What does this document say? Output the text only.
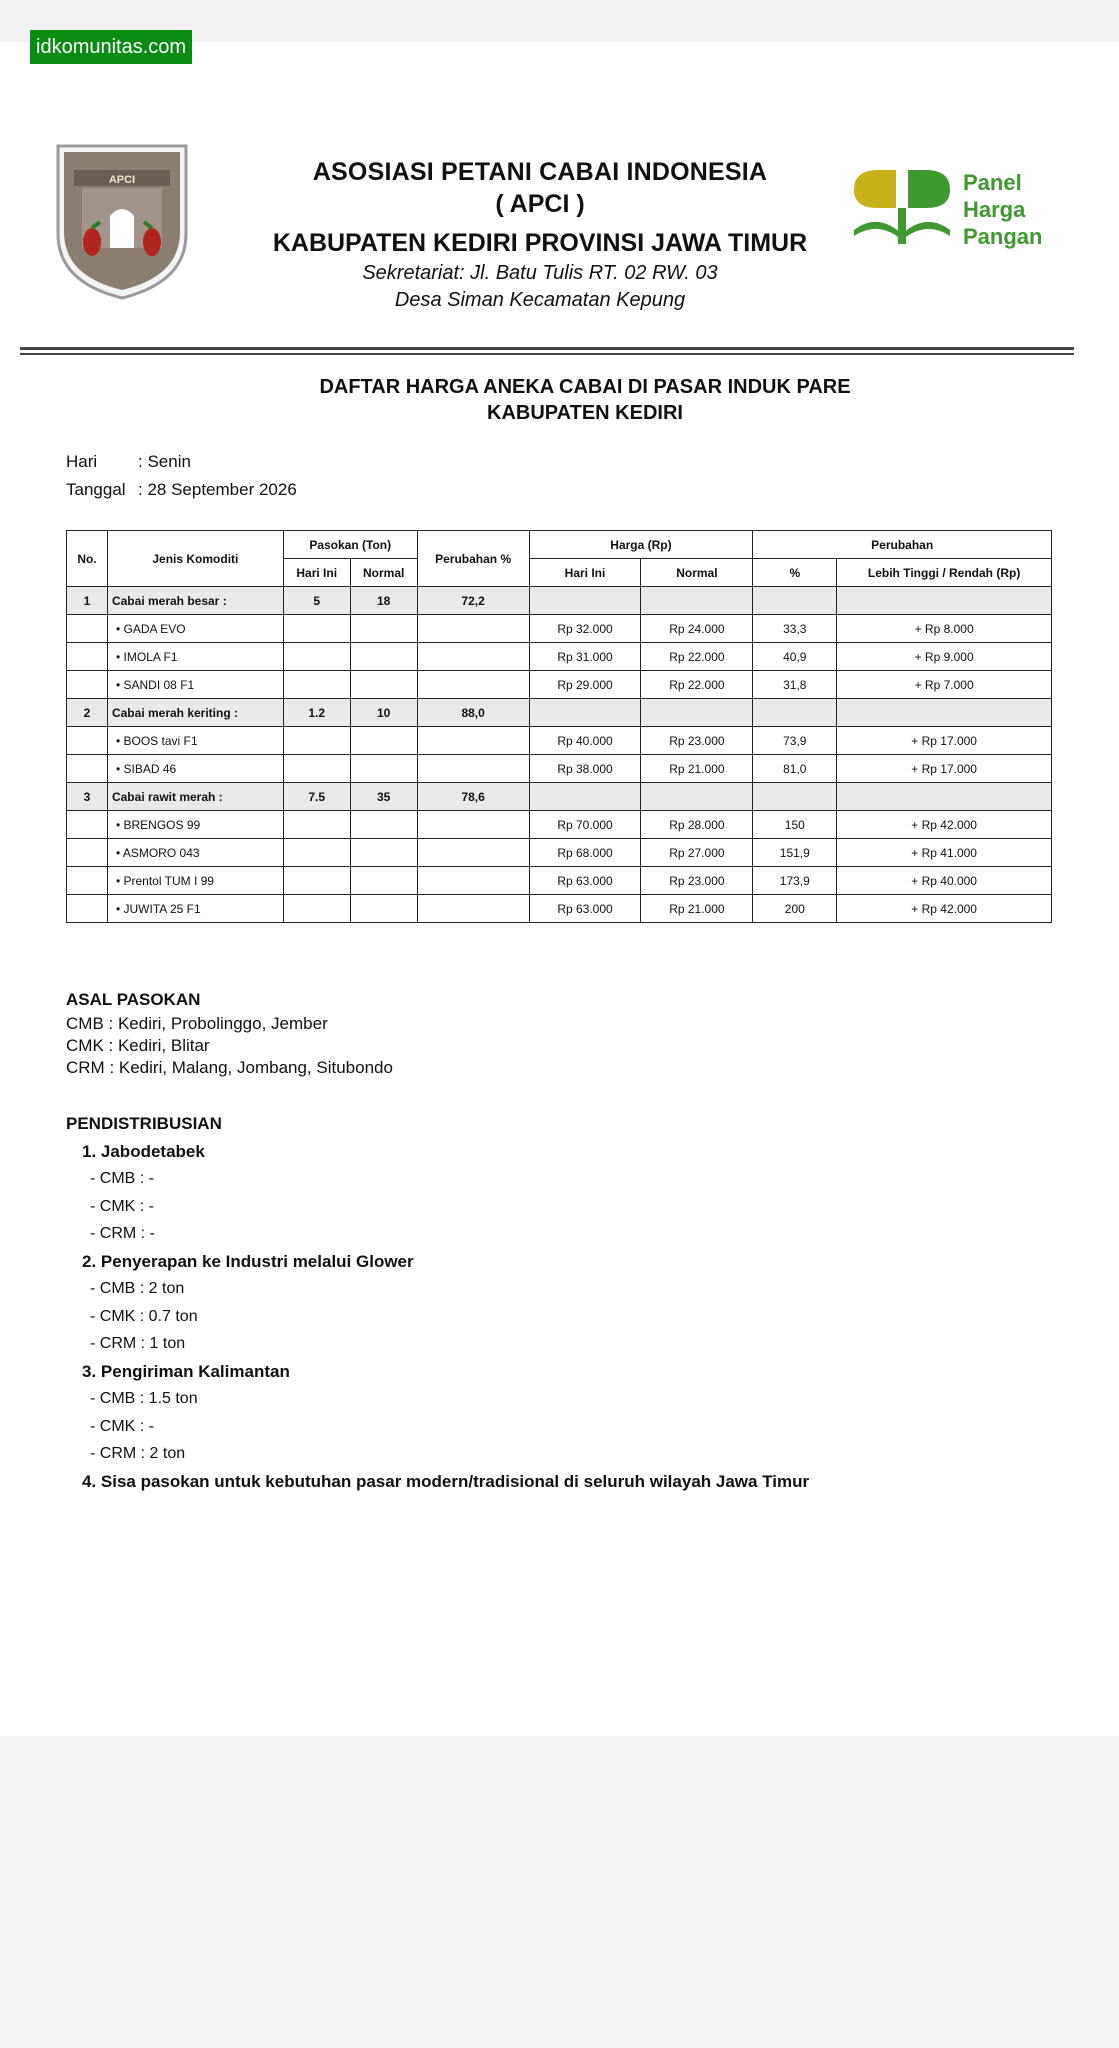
idkomunitas.com
APCI	Panel
Harga
Pangan
ASOSIASI PETANI CABAI INDONESIA
( APCI )
KABUPATEN KEDIRI PROVINSI JAWA TIMUR
Sekretariat: Jl. Batu Tulis RT. 02 RW. 03
Desa Siman Kecamatan Kepung
DAFTAR HARGA ANEKA CABAI DI PASAR INDUK PARE
KABUPATEN KEDIRI
Hari : Senin
Tanggal : 28 September 2026
No.	Jenis Komoditi	Pasokan (Ton)		Perubahan %	Harga (Rp)		Perubahan	
		Hari Ini	Normal		Hari Ini	Normal	%	Lebih Tinggi / Rendah (Rp)
1	Cabai merah besar :	5	18	72,2				
	• GADA EVO				Rp 32.000	Rp 24.000	33,3	+ Rp 8.000
	• IMOLA F1				Rp 31.000	Rp 22.000	40,9	+ Rp 9.000
	• SANDI 08 F1				Rp 29.000	Rp 22.000	31,8	+ Rp 7.000
2	Cabai merah keriting :	1.2	10	88,0				
	• BOOS tavi F1				Rp 40.000	Rp 23.000	73,9	+ Rp 17.000
	• SIBAD 46				Rp 38.000	Rp 21.000	81,0	+ Rp 17.000
3	Cabai rawit merah :	7.5	35	78,6				
	• BRENGOS 99				Rp 70.000	Rp 28.000	150	+ Rp 42.000
	• ASMORO 043				Rp 68.000	Rp 27.000	151,9	+ Rp 41.000
	• Prentol TUM I 99				Rp 63.000	Rp 23.000	173,9	+ Rp 40.000
	• JUWITA 25 F1				Rp 63.000	Rp 21.000	200	+ Rp 42.000
ASAL PASOKAN
CMB : Kediri, Probolinggo, Jember
CMK : Kediri, Blitar
CRM : Kediri, Malang, Jombang, Situbondo
PENDISTRIBUSIAN
1. Jabodetabek
- CMB : -
- CMK : -
- CRM : -
2. Penyerapan ke Industri melalui Glower
- CMB : 2 ton
- CMK : 0.7 ton
- CRM : 1 ton
3. Pengiriman Kalimantan
- CMB : 1.5 ton
- CMK : -
- CRM : 2 ton
4. Sisa pasokan untuk kebutuhan pasar modern/tradisional di seluruh wilayah Jawa Timur
